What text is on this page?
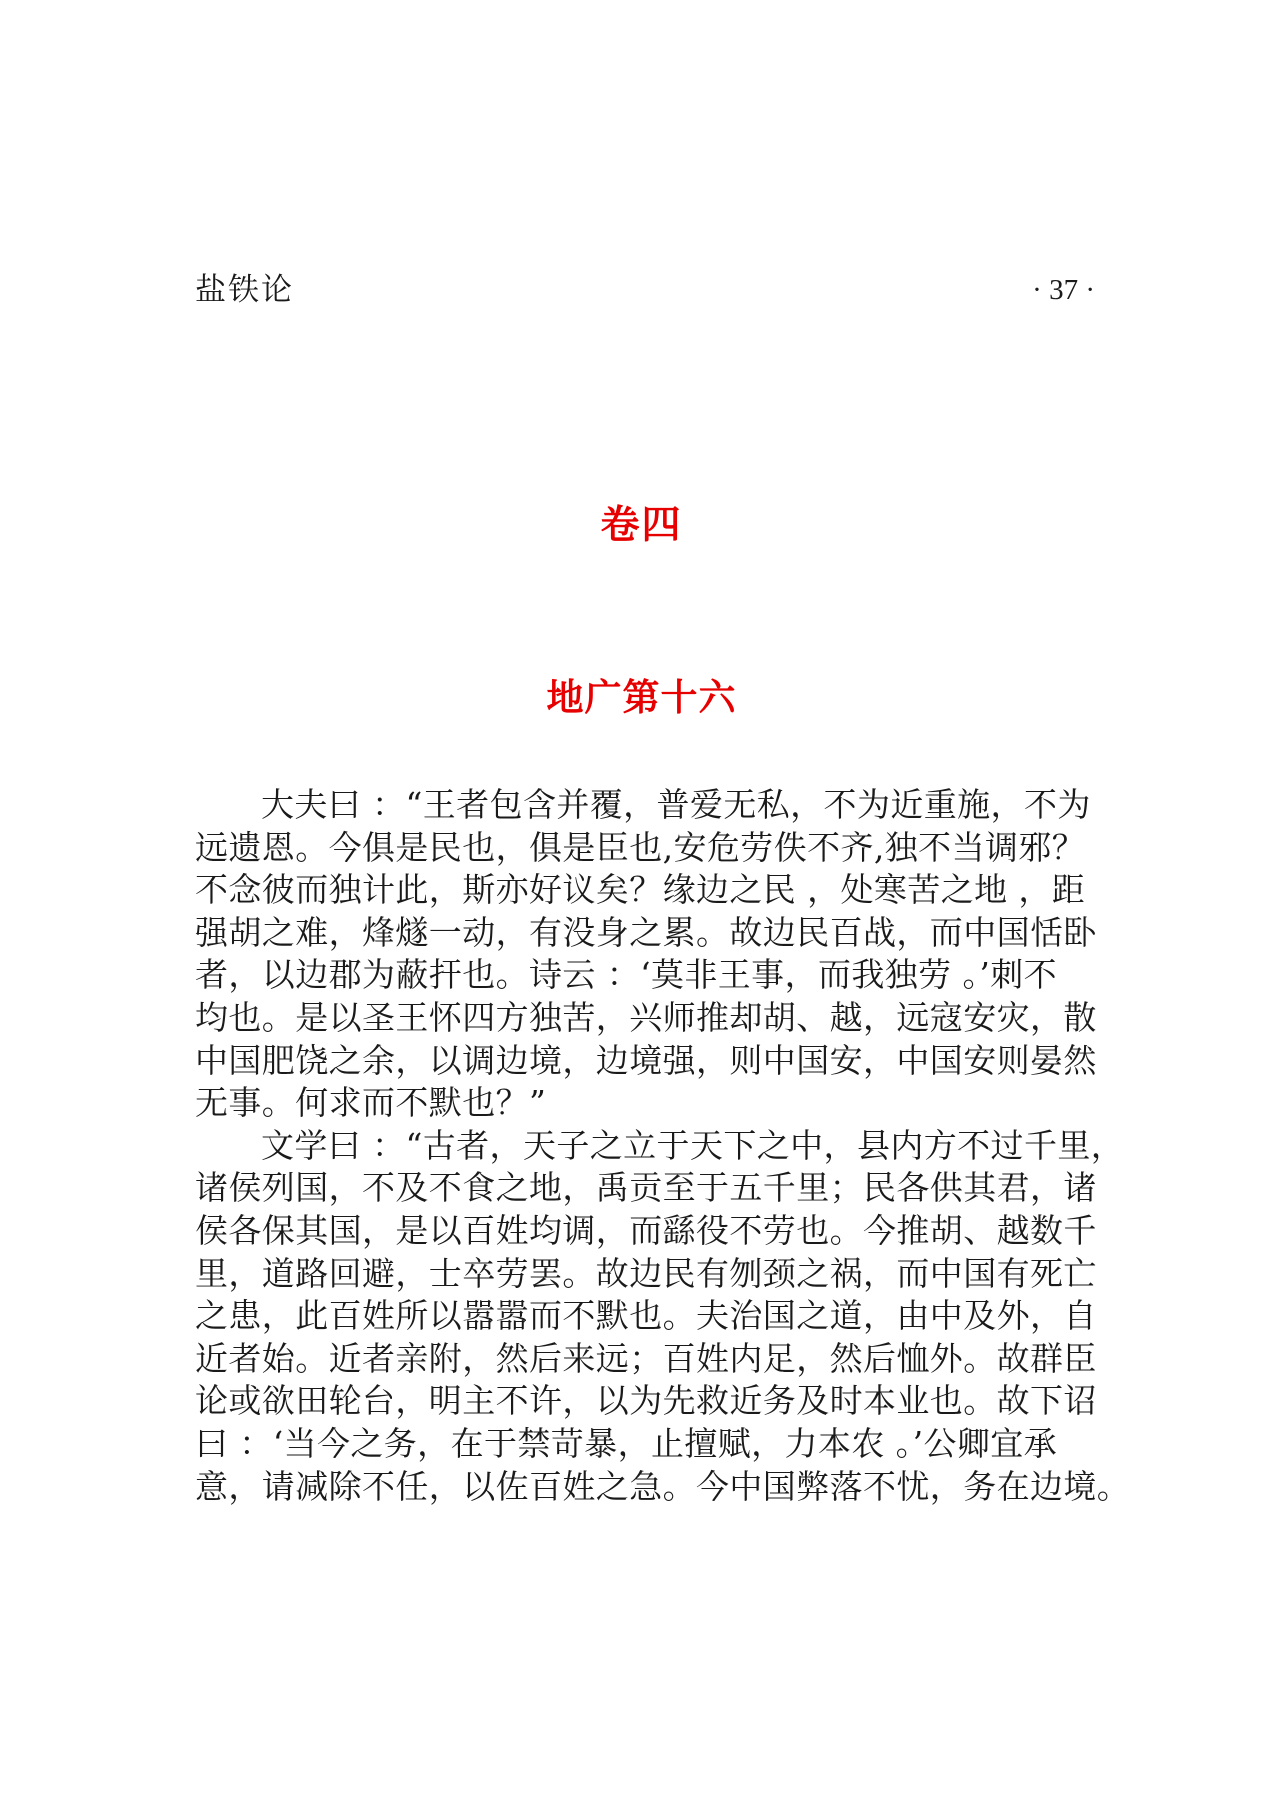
盐铁论	· 37 ·
卷四
地广第十六
大夫曰 ：“王者包含并覆，普爱无私，不为近重施，不为
远遗恩。今俱是民也，俱是臣也,安危劳佚不齐,独不当调邪？
不念彼而独计此，斯亦好议矣？缘边之民 ，处寒苦之地 ，距
强胡之难，烽燧一动，有没身之累。故边民百战，而中国恬卧
者，以边郡为蔽扞也。诗云 ：‘莫非王事，而我独劳 。’刺不
均也。是以圣王怀四方独苦，兴师推却胡、越，远寇安灾，散
中国肥饶之余，以调边境，边境强，则中国安，中国安则晏然
无事。何求而不默也？”
文学曰 ：“古者，天子之立于天下之中，县内方不过千里，
诸侯列国，不及不食之地，禹贡至于五千里；民各供其君，诸
侯各保其国，是以百姓均调，而繇役不劳也。今推胡、越数千
里，道路回避，士卒劳罢。故边民有刎颈之祸，而中国有死亡
之患，此百姓所以嚣嚣而不默也。夫治国之道，由中及外，自
近者始。近者亲附，然后来远；百姓内足，然后恤外。故群臣
论或欲田轮台，明主不许，以为先救近务及时本业也。故下诏
曰 ：‘当今之务，在于禁苛暴，止擅赋，力本农 。’公卿宜承
意，请减除不任，以佐百姓之急。今中国弊落不忧，务在边境。
